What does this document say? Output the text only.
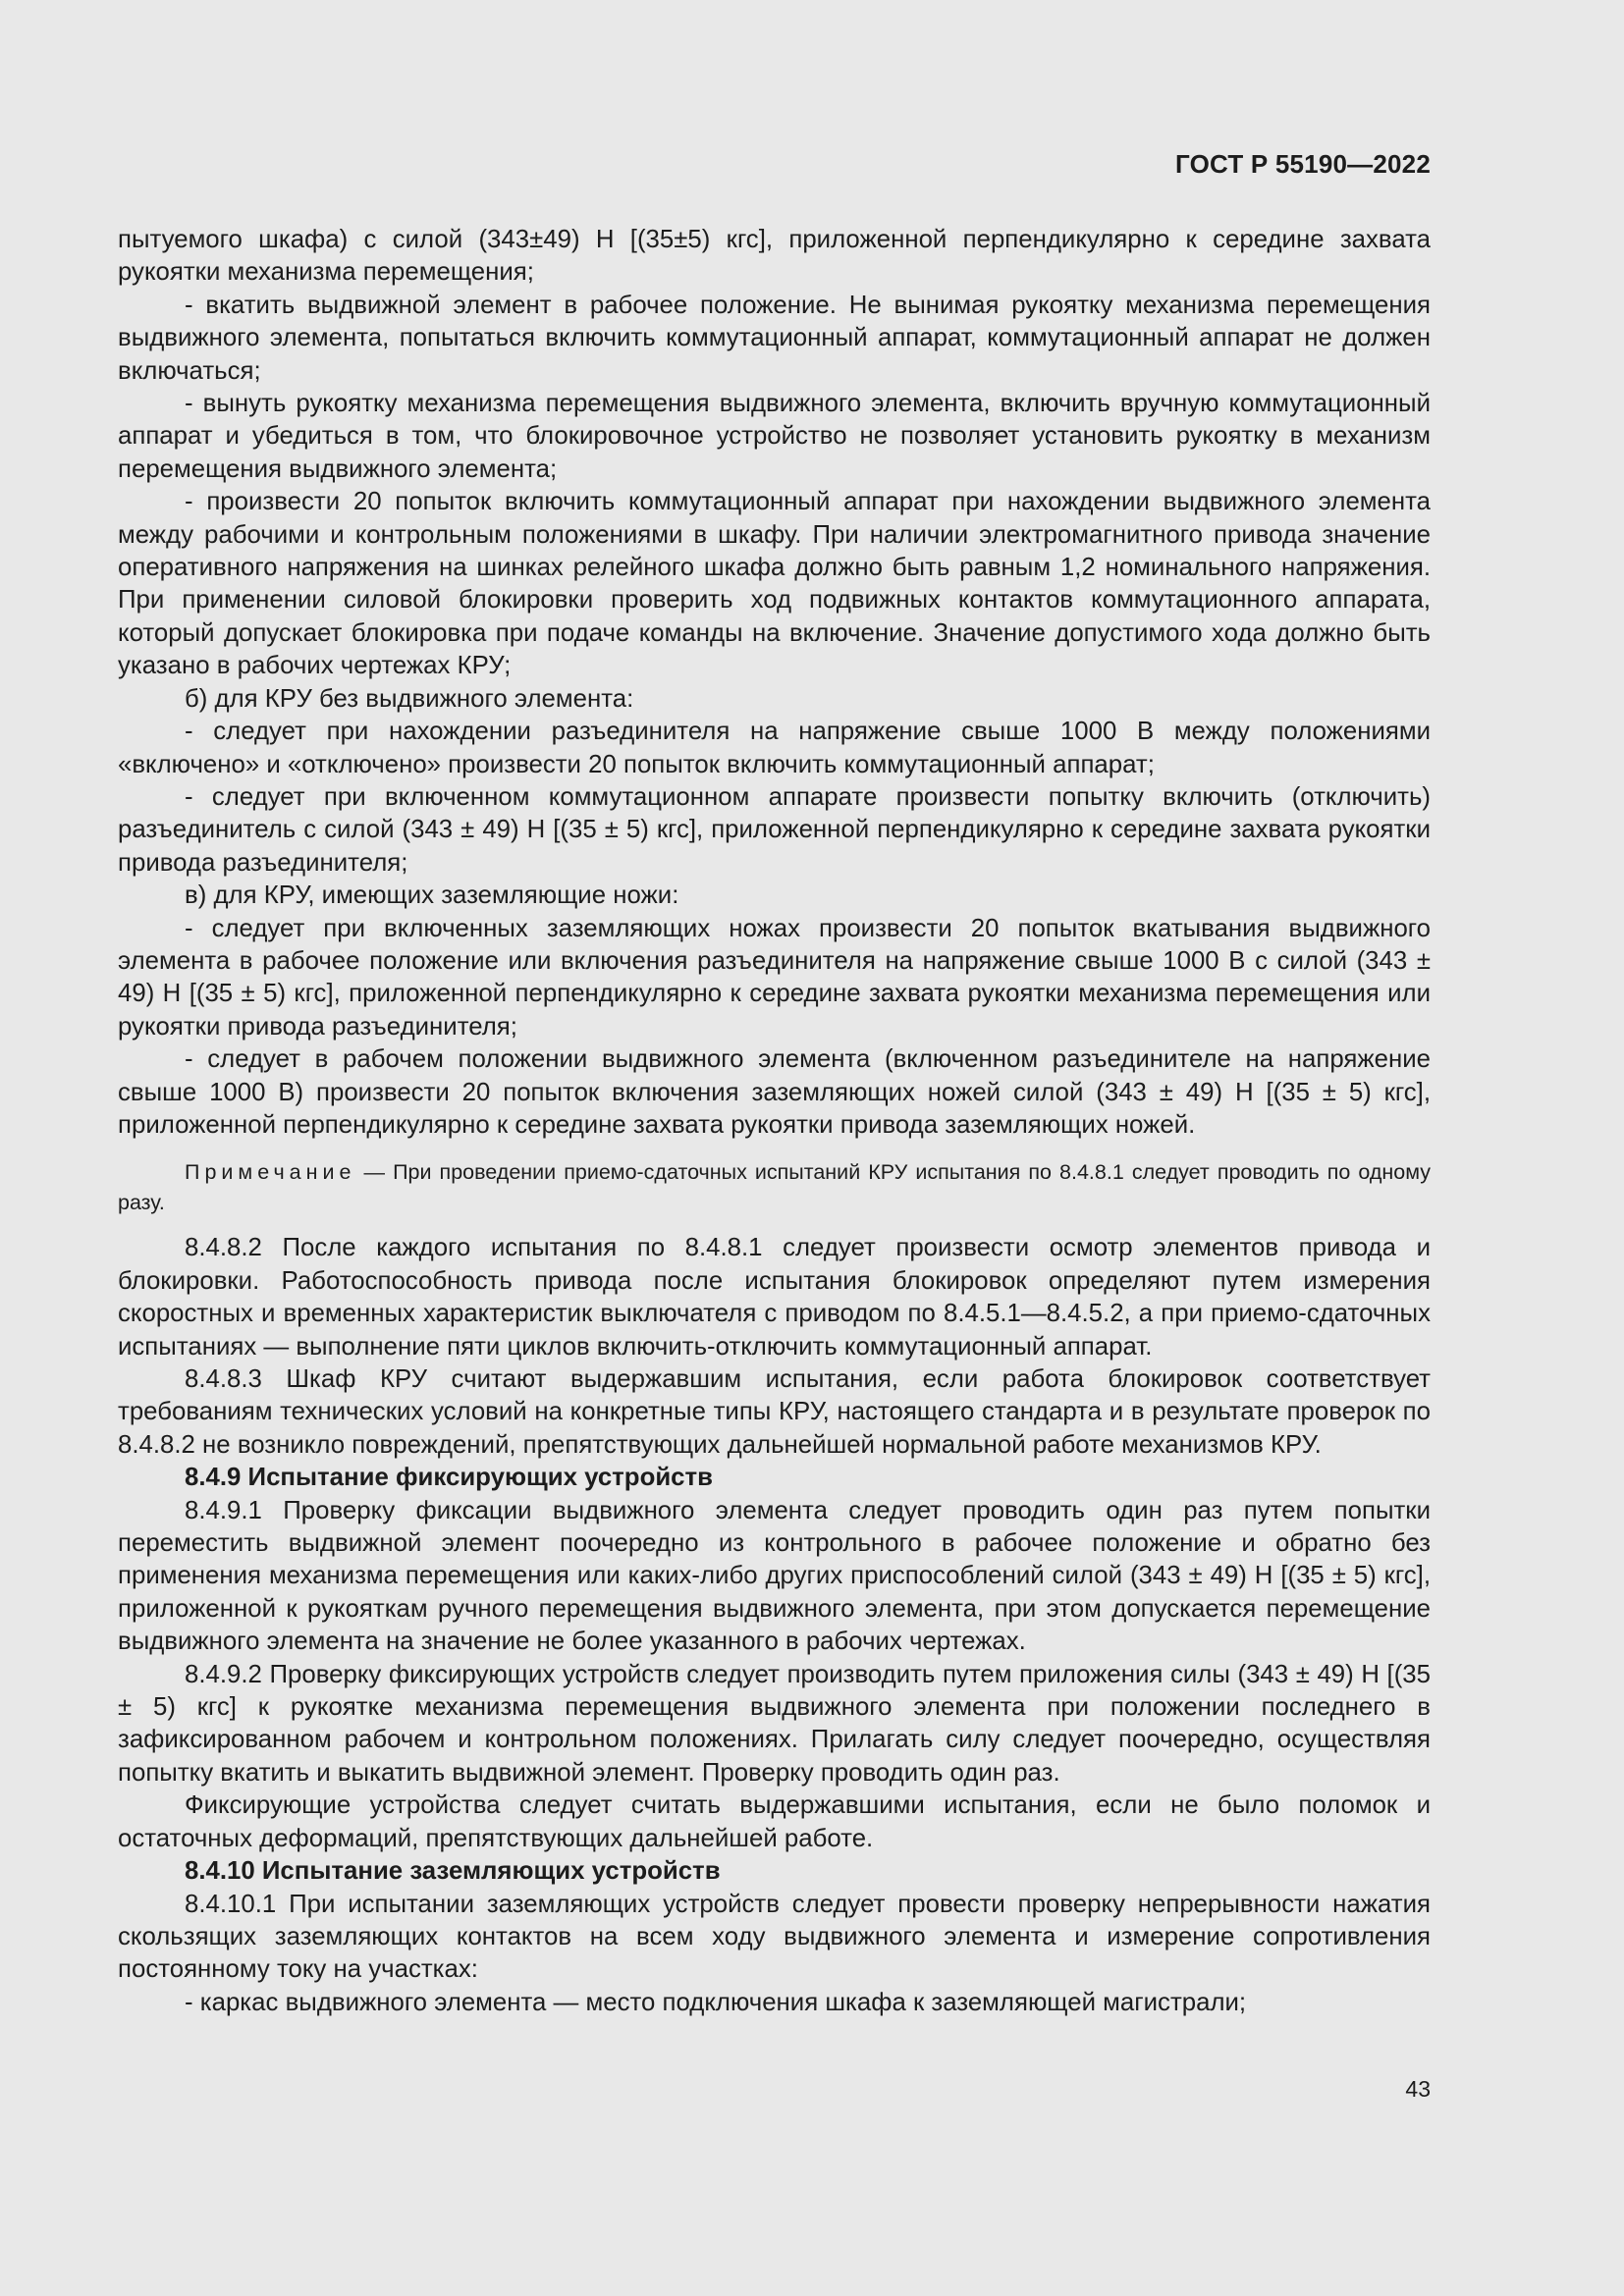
ГОСТ Р 55190—2022

пытуемого шкафа) с силой (343±49) Н [(35±5) кгс], приложенной перпендикулярно к середине захвата рукоятки механизма перемещения;

- вкатить выдвижной элемент в рабочее положение. Не вынимая рукоятку механизма перемещения выдвижного элемента, попытаться включить коммутационный аппарат, коммутационный аппарат не должен включаться;

- вынуть рукоятку механизма перемещения выдвижного элемента, включить вручную коммутационный аппарат и убедиться в том, что блокировочное устройство не позволяет установить рукоятку в механизм перемещения выдвижного элемента;

- произвести 20 попыток включить коммутационный аппарат при нахождении выдвижного элемента между рабочими и контрольным положениями в шкафу. При наличии электромагнитного привода значение оперативного напряжения на шинках релейного шкафа должно быть равным 1,2 номинального напряжения. При применении силовой блокировки проверить ход подвижных контактов коммутационного аппарата, который допускает блокировка при подаче команды на включение. Значение допустимого хода должно быть указано в рабочих чертежах КРУ;

б) для КРУ без выдвижного элемента:

- следует при нахождении разъединителя на напряжение свыше 1000 В между положениями «включено» и «отключено» произвести 20 попыток включить коммутационный аппарат;

- следует при включенном коммутационном аппарате произвести попытку включить (отключить) разъединитель с силой (343 ± 49) Н [(35 ± 5) кгс], приложенной перпендикулярно к середине захвата рукоятки привода разъединителя;

в) для КРУ, имеющих заземляющие ножи:

- следует при включенных заземляющих ножах произвести 20 попыток вкатывания выдвижного элемента в рабочее положение или включения разъединителя на напряжение свыше 1000 В с силой (343 ± 49) Н [(35 ± 5) кгс], приложенной перпендикулярно к середине захвата рукоятки механизма перемещения или рукоятки привода разъединителя;

- следует в рабочем положении выдвижного элемента (включенном разъединителе на напряжение свыше 1000 В) произвести 20 попыток включения заземляющих ножей силой (343 ± 49) Н [(35 ± 5) кгс], приложенной перпендикулярно к середине захвата рукоятки привода заземляющих ножей.

Примечание — При проведении приемо-сдаточных испытаний КРУ испытания по 8.4.8.1 следует проводить по одному разу.

8.4.8.2 После каждого испытания по 8.4.8.1 следует произвести осмотр элементов привода и блокировки. Работоспособность привода после испытания блокировок определяют путем измерения скоростных и временных характеристик выключателя с приводом по 8.4.5.1—8.4.5.2, а при приемо-сдаточных испытаниях — выполнение пяти циклов включить-отключить коммутационный аппарат.

8.4.8.3 Шкаф КРУ считают выдержавшим испытания, если работа блокировок соответствует требованиям технических условий на конкретные типы КРУ, настоящего стандарта и в результате проверок по 8.4.8.2 не возникло повреждений, препятствующих дальнейшей нормальной работе механизмов КРУ.

8.4.9 Испытание фиксирующих устройств

8.4.9.1 Проверку фиксации выдвижного элемента следует проводить один раз путем попытки переместить выдвижной элемент поочередно из контрольного в рабочее положение и обратно без применения механизма перемещения или каких-либо других приспособлений силой (343 ± 49) Н [(35 ± 5) кгс], приложенной к рукояткам ручного перемещения выдвижного элемента, при этом допускается перемещение выдвижного элемента на значение не более указанного в рабочих чертежах.

8.4.9.2 Проверку фиксирующих устройств следует производить путем приложения силы (343 ± 49) Н [(35 ± 5) кгс] к рукоятке механизма перемещения выдвижного элемента при положении последнего в зафиксированном рабочем и контрольном положениях. Прилагать силу следует поочередно, осуществляя попытку вкатить и выкатить выдвижной элемент. Проверку проводить один раз.

Фиксирующие устройства следует считать выдержавшими испытания, если не было поломок и остаточных деформаций, препятствующих дальнейшей работе.

8.4.10 Испытание заземляющих устройств

8.4.10.1 При испытании заземляющих устройств следует провести проверку непрерывности нажатия скользящих заземляющих контактов на всем ходу выдвижного элемента и измерение сопротивления постоянному току на участках:

- каркас выдвижного элемента — место подключения шкафа к заземляющей магистрали;

43
